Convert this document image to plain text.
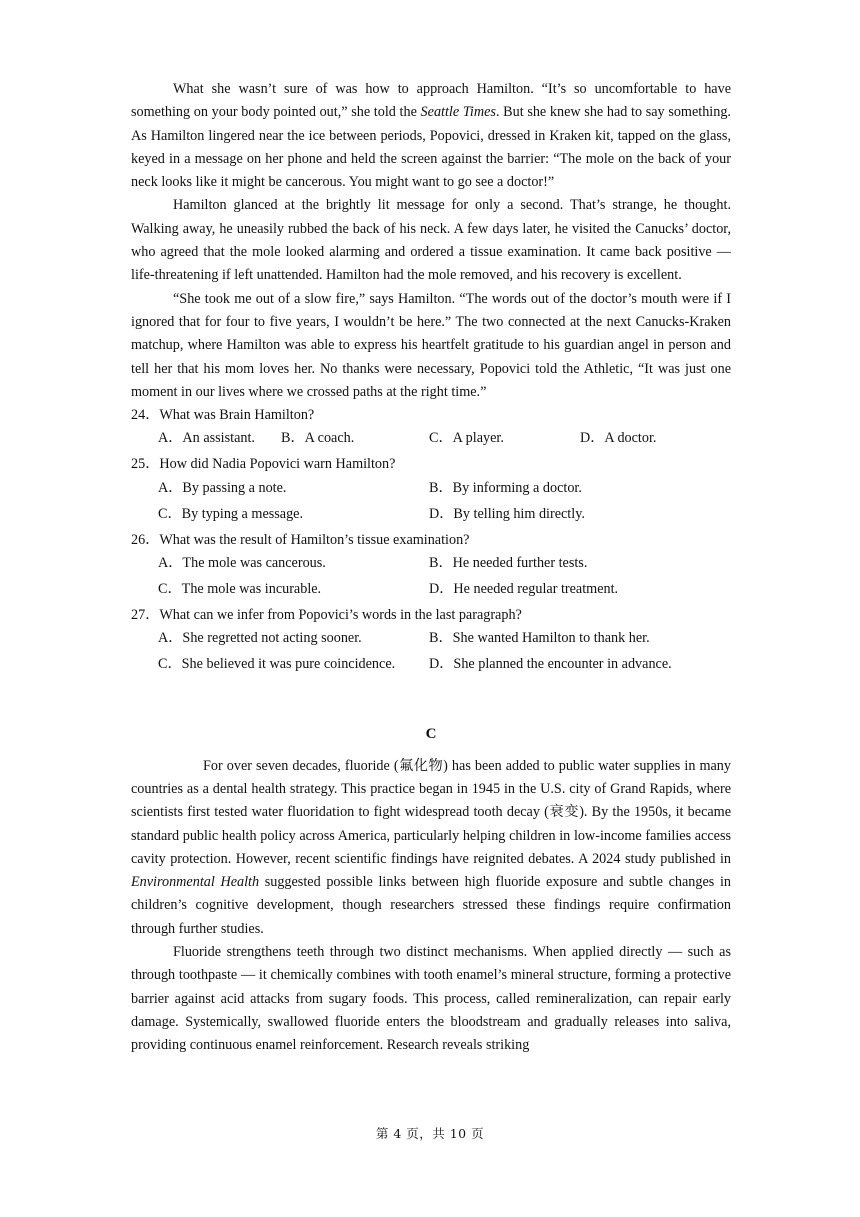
What she wasn’t sure of was how to approach Hamilton. “It’s so uncomfortable to have something on your body pointed out,” she told the Seattle Times. But she knew she had to say something. As Hamilton lingered near the ice between periods, Popovici, dressed in Kraken kit, tapped on the glass, keyed in a message on her phone and held the screen against the barrier: “The mole on the back of your neck looks like it might be cancerous. You might want to go see a doctor!”

Hamilton glanced at the brightly lit message for only a second. That’s strange, he thought. Walking away, he uneasily rubbed the back of his neck. A few days later, he visited the Canucks’ doctor, who agreed that the mole looked alarming and ordered a tissue examination. It came back positive — life-threatening if left unattended. Hamilton had the mole removed, and his recovery is excellent.

“She took me out of a slow fire,” says Hamilton. “The words out of the doctor’s mouth were if I ignored that for four to five years, I wouldn’t be here.” The two connected at the next Canucks-Kraken matchup, where Hamilton was able to express his heartfelt gratitude to his guardian angel in person and tell her that his mom loves her. No thanks were necessary, Popovici told the Athletic, “It was just one moment in our lives where we crossed paths at the right time.”

24．What was Brain Hamilton?
A．An assistant. B．A coach.	C．A player.	D．A doctor.
25．How did Nadia Popovici warn Hamilton?
A．By passing a note.	B．By informing a doctor.
C．By typing a message.	D．By telling him directly.
26．What was the result of Hamilton’s tissue examination?
A．The mole was cancerous.	B．He needed further tests.
C．The mole was incurable.	D．He needed regular treatment.
27．What can we infer from Popovici’s words in the last paragraph?
A．She regretted not acting sooner.	B．She wanted Hamilton to thank her.
C．She believed it was pure coincidence. D．She planned the encounter in advance.
C

For over seven decades, fluoride (氟化物) has been added to public water supplies in many countries as a dental health strategy. This practice began in 1945 in the U.S. city of Grand Rapids, where scientists first tested water fluoridation to fight widespread tooth decay (衰变). By the 1950s, it became standard public health policy across America, particularly helping children in low-income families access cavity protection. However, recent scientific findings have reignited debates. A 2024 study published in Environmental Health suggested possible links between high fluoride exposure and subtle changes in children’s cognitive development, though researchers stressed these findings require confirmation through further studies.

Fluoride strengthens teeth through two distinct mechanisms. When applied directly — such as through toothpaste — it chemically combines with tooth enamel’s mineral structure, forming a protective barrier against acid attacks from sugary foods. This process, called remineralization, can repair early damage. Systemically, swallowed fluoride enters the bloodstream and gradually releases into saliva, providing continuous enamel reinforcement. Research reveals striking

第 4 页，共 10 页
